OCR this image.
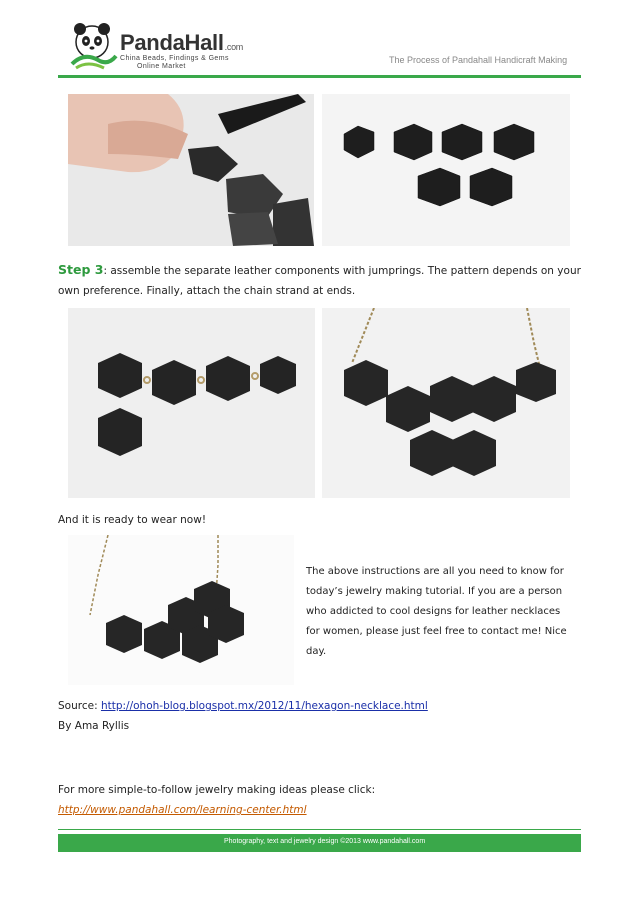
PandaHall.com
China Beads, Findings & Gems
Online Market
The Process of Pandahall Handicraft Making
Step 3: assemble the separate leather components with jumprings. The pattern depends on your
own preference. Finally, attach the chain strand at ends.
And it is ready to wear now!
The above instructions are all you need to know for
today’s jewelry making tutorial. If you are a person
who addicted to cool designs for leather necklaces
for women, please just feel free to contact me! Nice
day.
Source: http://ohoh-blog.blogspot.mx/2012/11/hexagon-necklace.html
By Ama Ryllis
For more simple-to-follow jewelry making ideas please click:
http://www.pandahall.com/learning-center.html
Photography, text and jewelry design ©2013 www.pandahall.com
